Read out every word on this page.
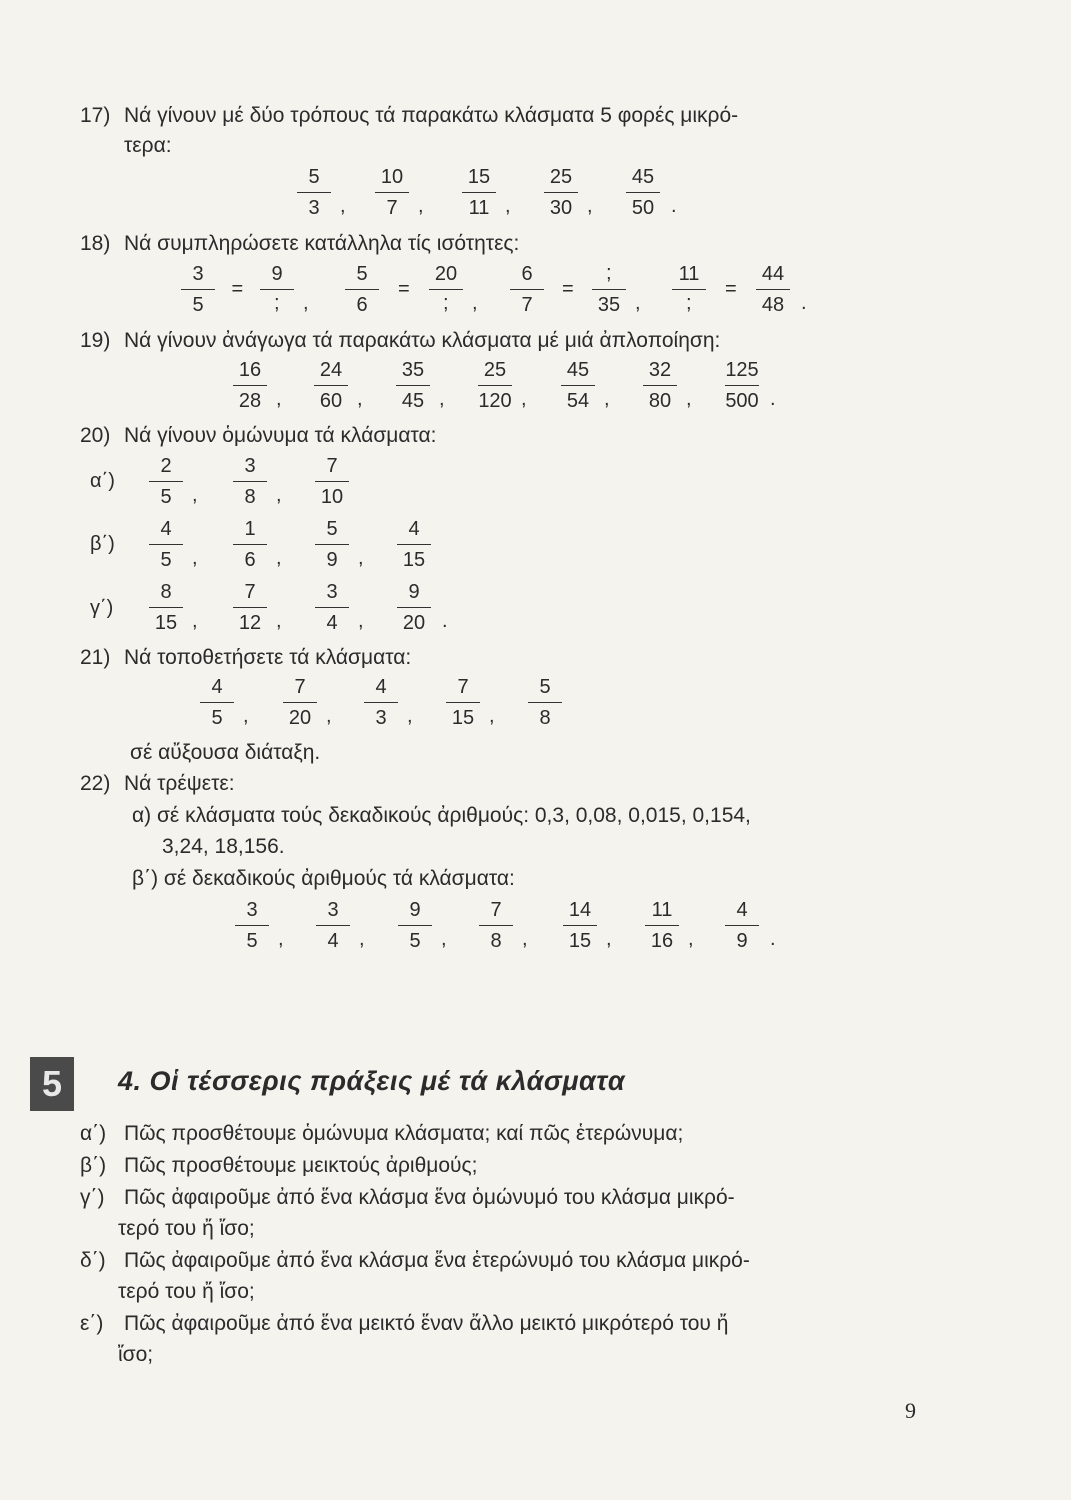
17) Νά γίνουν μέ δύο τρόπους τά παρακάτω κλάσματα 5 φορές μικρό-
τερα:
5
3 ,
10
7 ,
15
11 ,
25
30 ,
45
50 .
18) Νά συμπληρώσετε κατάλληλα τίς ισότητες:
3
5
=
9
,
5
6
=
20
,
6
7
=
35 ,
11
=
44
48 .
;	;
;
;
19) Νά γίνουν ἀνάγωγα τά παρακάτω κλάσματα μέ μιά ἀπλοποίηση:
16
28 ,
24
60 ,
35
45 ,
25
120 ,
45
54 ,
32
80 ,
125
500 .
20) Νά γίνουν ὁμώνυμα τά κλάσματα:
α΄)
2
5 ,
3
8 ,
7
10
β΄)
4
5 ,
1
6 ,
5
9 ,
4
15
γ΄)
8
15 ,
7
12 ,
3
4 ,
9
20 .
21) Νά τοποθετήσετε τά κλάσματα:
4
5 ,
7
20 ,
4
3 ,
7
15 ,
5
8
σέ αὔξουσα διάταξη.
22) Νά τρέψετε:
α) σέ κλάσματα τούς δεκαδικούς ἀριθμούς: 0,3, 0,08, 0,015, 0,154,
3,24, 18,156.
β΄) σέ δεκαδικούς ἀριθμούς τά κλάσματα:
3
5 ,
3
4 ,
9
5 ,
7
8 ,
14
15 ,
11
16 ,
4
9 .
5	4. Οἱ τέσσερις πράξεις μέ τά κλάσματα
α΄) Πῶς προσθέτουμε ὁμώνυμα κλάσματα; καί πῶς ἑτερώνυμα;
β΄) Πῶς προσθέτουμε μεικτούς ἀριθμούς;
γ΄) Πῶς ἀφαιροῦμε ἀπό ἕνα κλάσμα ἕνα ὁμώνυμό του κλάσμα μικρό-
τερό του ἤ ἴσο;
δ΄) Πῶς ἀφαιροῦμε ἀπό ἕνα κλάσμα ἕνα ἑτερώνυμό του κλάσμα μικρό-
τερό του ἤ ἴσο;
ε΄) Πῶς ἀφαιροῦμε ἀπό ἕνα μεικτό ἕναν ἄλλο μεικτό μικρότερό του ἤ
ἴσο;
9
